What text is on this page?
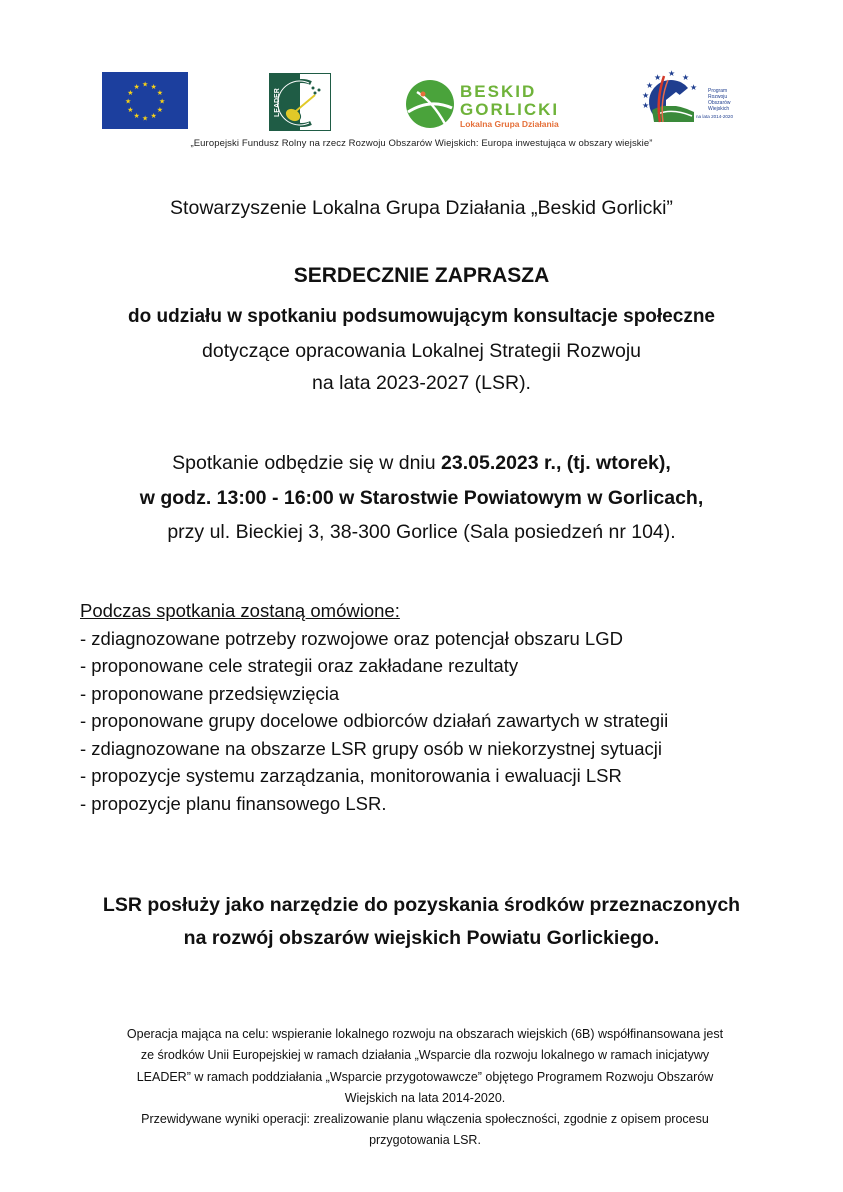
★ ★
★
★
★
★
★
★
★
★
★
★
LEADER	BESKID
GORLICKI
Lokalna Grupa Działania
★
★
★
★ ★ ★
★ Program
Rozwoju
Obszarów
Wiejskich
na lata 2014-2020
„Europejski Fundusz Rolny na rzecz Rozwoju Obszarów Wiejskich: Europa inwestująca w obszary wiejskie”
Stowarzyszenie Lokalna Grupa Działania „Beskid Gorlicki”
SERDECZNIE ZAPRASZA
do udziału w spotkaniu podsumowującym konsultacje społeczne
dotyczące opracowania Lokalnej Strategii Rozwoju
na lata 2023-2027 (LSR).
Spotkanie odbędzie się w dniu 23.05.2023 r., (tj. wtorek),
w godz. 13:00 - 16:00 w Starostwie Powiatowym w Gorlicach,
przy ul. Bieckiej 3, 38-300 Gorlice (Sala posiedzeń nr 104).
Podczas spotkania zostaną omówione:
- zdiagnozowane potrzeby rozwojowe oraz potencjał obszaru LGD
- proponowane cele strategii oraz zakładane rezultaty
- proponowane przedsięwzięcia
- proponowane grupy docelowe odbiorców działań zawartych w strategii
- zdiagnozowane na obszarze LSR grupy osób w niekorzystnej sytuacji
- propozycje systemu zarządzania, monitorowania i ewaluacji LSR
- propozycje planu finansowego LSR.
LSR posłuży jako narzędzie do pozyskania środków przeznaczonych
na rozwój obszarów wiejskich Powiatu Gorlickiego.
Operacja mająca na celu: wspieranie lokalnego rozwoju na obszarach wiejskich (6B) współfinansowana jest
ze środków Unii Europejskiej w ramach działania „Wsparcie dla rozwoju lokalnego w ramach inicjatywy
LEADER” w ramach poddziałania „Wsparcie przygotowawcze” objętego Programem Rozwoju Obszarów
Wiejskich na lata 2014-2020.
Przewidywane wyniki operacji: zrealizowanie planu włączenia społeczności, zgodnie z opisem procesu
przygotowania LSR.
